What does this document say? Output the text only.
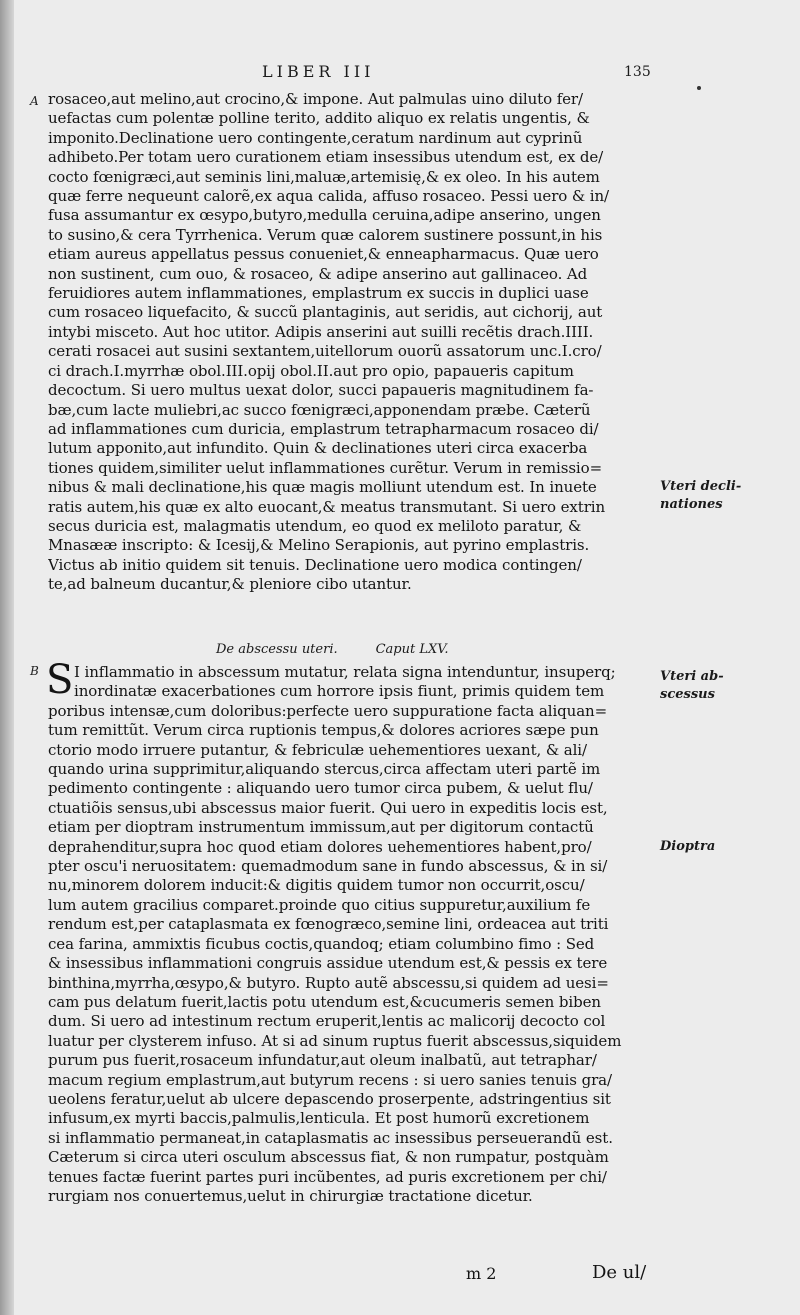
LIBER III	135
A rosaceo,aut melino,aut crocino,& impone. Aut palmulas uino diluto fer/
uefactas cum polentæ polline terito, addito aliquo ex relatis ungentis, &
imponito.Declinatione uero contingente,ceratum nardinum aut cyprinũ
adhibeto.Per totam uero curationem etiam insessibus utendum est, ex de/
cocto fœnigræci,aut seminis lini,maluæ,artemisię,& ex oleo. In his autem
quæ ferre nequeunt calorẽ,ex aqua calida, affuso rosaceo. Pessi uero & in/
fusa assumantur ex œsypo,butyro,medulla ceruina,adipe anserino, ungen
to susino,& cera Tyrrhenica. Verum quæ calorem sustinere possunt,in his
etiam aureus appellatus pessus conueniet,& enneapharmacus. Quæ uero
non sustinent, cum ouo, & rosaceo, & adipe anserino aut gallinaceo. Ad
feruidiores autem inflammationes, emplastrum ex succis in duplici uase
cum rosaceo liquefacito, & succũ plantaginis, aut seridis, aut cichorij, aut
intybi misceto. Aut hoc utitor. Adipis anserini aut suilli recẽtis drach.IIII.
cerati rosacei aut susini sextantem,uitellorum ouorũ assatorum unc.I.cro/
ci drach.I.myrrhæ obol.III.opij obol.II.aut pro opio, papaueris capitum
decoctum. Si uero multus uexat dolor, succi papaueris magnitudinem fa-
bæ,cum lacte muliebri,ac succo fœnigræci,apponendam præbe. Cæterũ
ad inflammationes cum duricia, emplastrum tetrapharmacum rosaceo di/
lutum apponito,aut infundito. Quin & declinationes uteri circa exacerba
tiones quidem,similiter uelut inflammationes curẽtur. Verum in remissio=
nibus & mali declinatione,his quæ magis molliunt utendum est. In inuete
ratis autem,his quæ ex alto euocant,& meatus transmutant. Si uero extrin
secus duricia est, malagmatis utendum, eo quod ex meliloto paratur, &
Mnasææ inscripto: & Icesij,& Melino Serapionis, aut pyrino emplastris.
Victus ab initio quidem sit tenuis. Declinatione uero modica contingen/
te,ad balneum ducantur,& pleniore cibo utantur.
De abscessu uteri.	Caput LXV.
B S I inflammatio in abscessum mutatur, relata signa intenduntur, insuperq;
inordinatæ exacerbationes cum horrore ipsis fiunt, primis quidem tem
poribus intensæ,cum doloribus:perfecte uero suppuratione facta aliquan=
tum remittũt. Verum circa ruptionis tempus,& dolores acriores sæpe pun
ctorio modo irruere putantur, & febriculæ uehementiores uexant, & ali/
quando urina supprimitur,aliquando stercus,circa affectam uteri partẽ im
pedimento contingente : aliquando uero tumor circa pubem, & uelut flu/
ctuatiõis sensus,ubi abscessus maior fuerit. Qui uero in expeditis locis est,
etiam per dioptram instrumentum immissum,aut per digitorum contactũ
deprahenditur,supra hoc quod etiam dolores uehementiores habent,pro/
pter oscu'i neruositatem: quemadmodum sane in fundo abscessus, & in si/
nu,minorem dolorem inducit:& digitis quidem tumor non occurrit,oscu/
lum autem gracilius comparet.proinde quo citius suppuretur,auxilium fe
rendum est,per cataplasmata ex fœnogræco,semine lini, ordeacea aut triti
cea farina, ammixtis ficubus coctis,quandoq; etiam columbino fimo : Sed
& insessibus inflammationi congruis assidue utendum est,& pessis ex tere
binthina,myrrha,œsypo,& butyro. Rupto autẽ abscessu,si quidem ad uesi=
cam pus delatum fuerit,lactis potu utendum est,&cucumeris semen biben
dum. Si uero ad intestinum rectum eruperit,lentis ac malicorij decocto col
luatur per clysterem infuso. At si ad sinum ruptus fuerit abscessus,siquidem
purum pus fuerit,rosaceum infundatur,aut oleum inalbatũ, aut tetraphar/
macum regium emplastrum,aut butyrum recens : si uero sanies tenuis gra/
ueolens feratur,uelut ab ulcere depascendo proserpente, adstringentius sit
infusum,ex myrti baccis,palmulis,lenticula. Et post humorũ excretionem
si inflammatio permaneat,in cataplasmatis ac insessibus perseuerandũ est.
Cæterum si circa uteri osculum abscessus fiat, & non rumpatur, postquàm
tenues factæ fuerint partes puri incũbentes, ad puris excretionem per chi/
rurgiam nos conuertemus,uelut in chirurgiæ tractatione dicetur.
Vteri decli-
nationes
Vteri ab-
scessus
Dioptra
m 2	De ul/
